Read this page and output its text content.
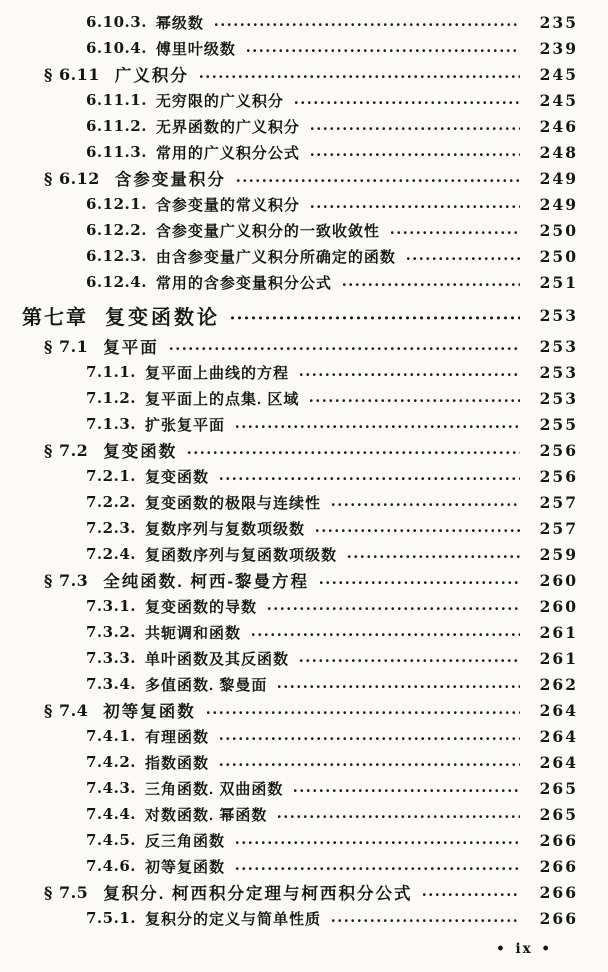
6.10.3. 幂级数	235
6.10.4. 傅里叶级数	239
§ 6.11 广义积分	245
6.11.1. 无穷限的广义积分	245
6.11.2. 无界函数的广义积分	246
6.11.3. 常用的广义积分公式	248
§ 6.12 含参变量积分	249
6.12.1. 含参变量的常义积分	249
6.12.2. 含参变量广义积分的一致收敛性	250
6.12.3. 由含参变量广义积分所确定的函数	250
6.12.4. 常用的含参变量积分公式	251
第七章 复变函数论	253
§ 7.1 复平面	253
7.1.1. 复平面上曲线的方程	253
7.1.2. 复平面上的点集. 区域	253
7.1.3. 扩张复平面	255
§ 7.2 复变函数	256
7.2.1. 复变函数	256
7.2.2. 复变函数的极限与连续性	257
7.2.3. 复数序列与复数项级数	257
7.2.4. 复函数序列与复函数项级数	259
§ 7.3 全纯函数. 柯西-黎曼方程	260
7.3.1. 复变函数的导数	260
7.3.2. 共轭调和函数	261
7.3.3. 单叶函数及其反函数	261
7.3.4. 多值函数. 黎曼面	262
§ 7.4 初等复函数	264
7.4.1. 有理函数	264
7.4.2. 指数函数	264
7.4.3. 三角函数. 双曲函数	265
7.4.4. 对数函数. 幂函数	265
7.4.5. 反三角函数	266
7.4.6. 初等复函数	266
§ 7.5 复积分. 柯西积分定理与柯西积分公式	266
7.5.1. 复积分的定义与简单性质	266
• ix •
